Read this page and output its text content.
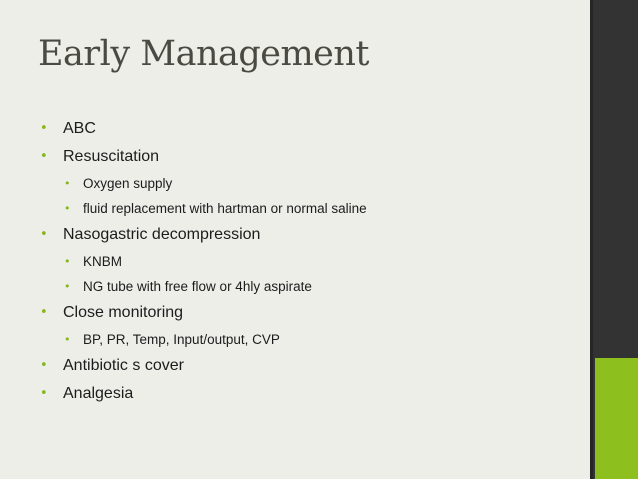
Early Management
• ABC
• Resuscitation
• Oxygen supply
• fluid replacement with hartman or normal saline
• Nasogastric decompression
• KNBM
• NG tube with free flow or 4hly aspirate
• Close monitoring
• BP, PR, Temp, Input/output, CVP
• Antibiotic s cover
• Analgesia
